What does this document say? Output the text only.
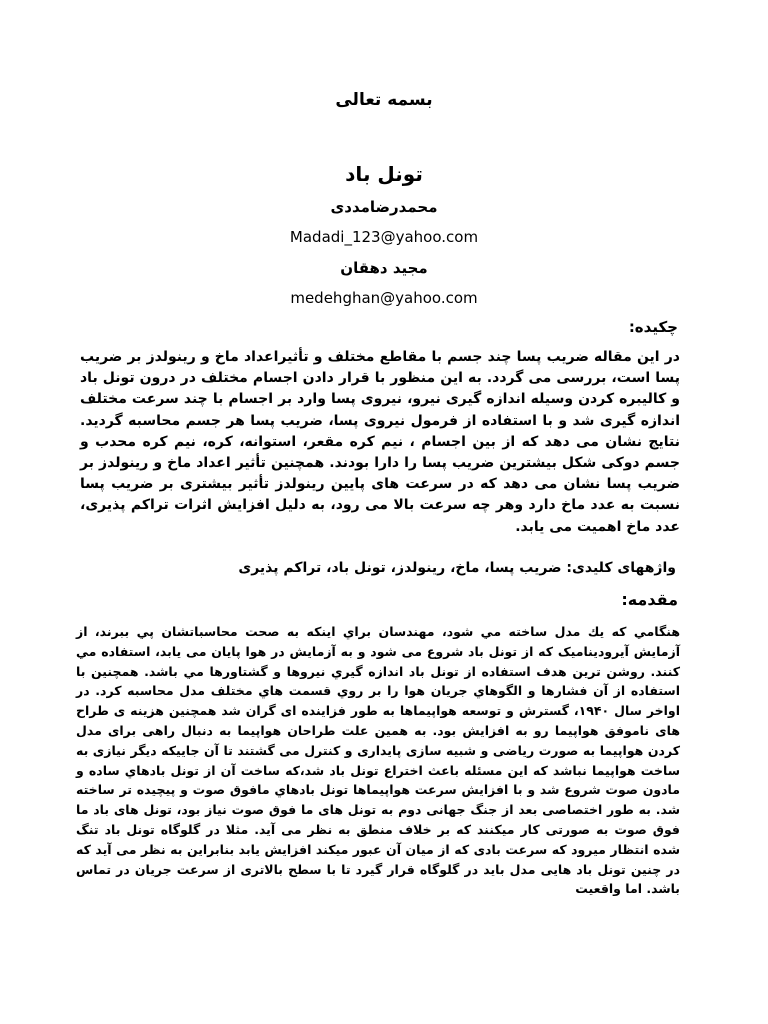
بسمه تعالی
تونل باد
محمدرضامددی
Madadi_123@yahoo.com
مجید دهقان
medehghan@yahoo.com
چکیده:
در این مقاله ضریب پسا چند جسم با مقاطع مختلف و تأثیراعداد ماخ و رینولدز بر ضریب پسا است، بررسی می گردد. به این منظور با قرار دادن اجسام مختلف در درون تونل باد و کالیبره کردن وسیله اندازه گیری نیرو، نیروی پسا وارد بر اجسام با چند سرعت مختلف اندازه گیری شد و با استفاده از فرمول نیروی پسا، ضریب پسا هر جسم محاسبه گردید. نتایج نشان می دهد که از بین اجسام ، نیم کره مقعر، استوانه، کره، نیم کره محدب و جسم دوکی شکل بیشترین ضریب پسا را دارا بودند. همچنین تأثیر اعداد ماخ و رینولدز بر ضریب پسا نشان می دهد که در سرعت های پایین رینولدز تأثیر بیشتری بر ضریب پسا نسبت به عدد ماخ دارد وهر چه سرعت بالا می رود، به دلیل افزایش اثرات تراکم پذیری، عدد ماخ اهمیت می یابد.
واژههای کلیدی: ضریب پسا، ماخ، رینولدز، تونل باد، تراکم پذیری
مقدمه:
هنگامي كه يك مدل ساخته مي شود، مهندسان براي اينكه به صحت محاسباتشان پي ببرند، از آزمایش آیرودینامیک که از تونل باد شروع می شود و به آزمایش در هوا پایان می یابد، استفاده مي كنند. روشن ترين هدف استفاده از تونل باد اندازه گيري نيروها و گشتاورها مي باشد. همچنين با استفاده از آن فشارها و الگوهاي جريان هوا را بر روي قسمت هاي مختلف مدل محاسبه كرد. در اواخر سال ۱۹۴۰، گسترش و توسعه هواپيماها به طور فزاینده ای گران شد همچنین هزینه ی طراح های ناموفق هواپیما رو به افزایش بود. به همین علت طراحان هواپیما به دنبال راهی برای مدل کردن هواپیما به صورت ریاضی و شبیه سازی پایداری و کنترل می گشتند تا آن جاییکه دیگر نیازی به ساخت هواپیما نباشد که این مسئله باعث اختراع تونل باد شد،كه ساخت آن از تونل بادهاي ساده و مادون صوت شروع شد و با افزایش سرعت هواپیماها تونل بادهاي مافوق صوت و پیچیده تر ساخته شد. به طور اختصاصی بعد از جنگ جهانی دوم به تونل های ما فوق صوت نیاز بود، تونل های باد ما فوق صوت به صورتی کار میکنند که بر خلاف منطق به نظر می آید. مثلا در گلوگاه تونل باد تنگ شده انتظار میرود که سرعت بادی که از میان آن عبور میکند افزایش یابد بنابراین به نظر می آید که در چنین تونل باد هایی مدل باید در گلوگاه قرار گیرد تا با سطح بالاتری از سرعت جریان در تماس باشد. اما واقعیت
